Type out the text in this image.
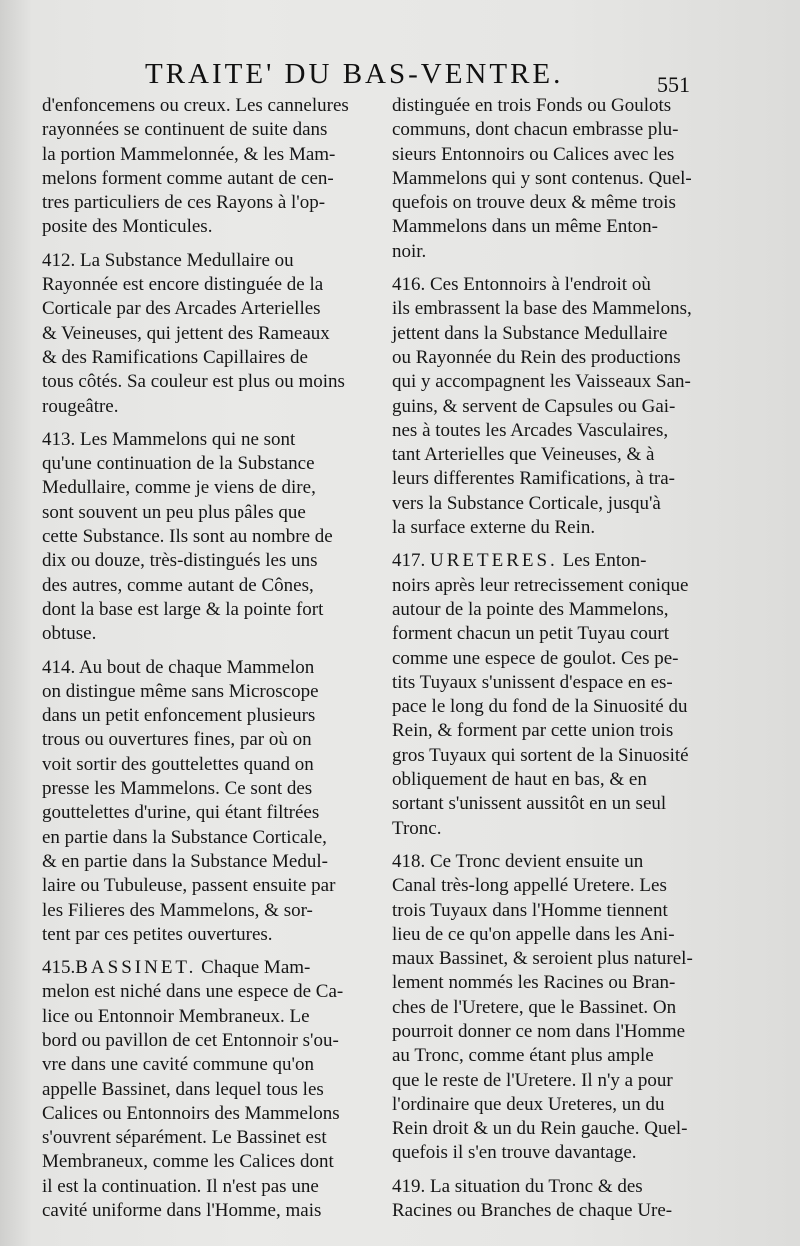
TRAITE' DU BAS-VENTRE.	551
d'enfoncemens ou creux. Les cannelures
rayonnées se continuent de suite dans
la portion Mammelonnée, & les Mam-
melons forment comme autant de cen-
tres particuliers de ces Rayons à l'op-
posite des Monticules.
412. La Substance Medullaire ou
Rayonnée est encore distinguée de la
Corticale par des Arcades Arterielles
& Veineuses, qui jettent des Rameaux
& des Ramifications Capillaires de
tous côtés. Sa couleur est plus ou moins
rougeâtre.
413. Les Mammelons qui ne sont
qu'une continuation de la Substance
Medullaire, comme je viens de dire,
sont souvent un peu plus pâles que
cette Substance. Ils sont au nombre de
dix ou douze, très-distingués les uns
des autres, comme autant de Cônes,
dont la base est large & la pointe fort
obtuse.
414. Au bout de chaque Mammelon
on distingue même sans Microscope
dans un petit enfoncement plusieurs
trous ou ouvertures fines, par où on
voit sortir des gouttelettes quand on
presse les Mammelons. Ce sont des
gouttelettes d'urine, qui étant filtrées
en partie dans la Substance Corticale,
& en partie dans la Substance Medul-
laire ou Tubuleuse, passent ensuite par
les Filieres des Mammelons, & sor-
tent par ces petites ouvertures.
415.BASSINET. Chaque Mam-
melon est niché dans une espece de Ca-
lice ou Entonnoir Membraneux. Le
bord ou pavillon de cet Entonnoir s'ou-
vre dans une cavité commune qu'on
appelle Bassinet, dans lequel tous les
Calices ou Entonnoirs des Mammelons
s'ouvrent séparément. Le Bassinet est
Membraneux, comme les Calices dont
il est la continuation. Il n'est pas une
cavité uniforme dans l'Homme, mais
distinguée en trois Fonds ou Goulots
communs, dont chacun embrasse plu-
sieurs Entonnoirs ou Calices avec les
Mammelons qui y sont contenus. Quel-
quefois on trouve deux & même trois
Mammelons dans un même Enton-
noir.
416. Ces Entonnoirs à l'endroit où
ils embrassent la base des Mammelons,
jettent dans la Substance Medullaire
ou Rayonnée du Rein des productions
qui y accompagnent les Vaisseaux San-
guins, & servent de Capsules ou Gai-
nes à toutes les Arcades Vasculaires,
tant Arterielles que Veineuses, & à
leurs differentes Ramifications, à tra-
vers la Substance Corticale, jusqu'à
la surface externe du Rein.
417. URETERES. Les Enton-
noirs après leur retrecissement conique
autour de la pointe des Mammelons,
forment chacun un petit Tuyau court
comme une espece de goulot. Ces pe-
tits Tuyaux s'unissent d'espace en es-
pace le long du fond de la Sinuosité du
Rein, & forment par cette union trois
gros Tuyaux qui sortent de la Sinuosité
obliquement de haut en bas, & en
sortant s'unissent aussitôt en un seul
Tronc.
418. Ce Tronc devient ensuite un
Canal très-long appellé Uretere. Les
trois Tuyaux dans l'Homme tiennent
lieu de ce qu'on appelle dans les Ani-
maux Bassinet, & seroient plus naturel-
lement nommés les Racines ou Bran-
ches de l'Uretere, que le Bassinet. On
pourroit donner ce nom dans l'Homme
au Tronc, comme étant plus ample
que le reste de l'Uretere. Il n'y a pour
l'ordinaire que deux Ureteres, un du
Rein droit & un du Rein gauche. Quel-
quefois il s'en trouve davantage.
419. La situation du Tronc & des
Racines ou Branches de chaque Ure-
